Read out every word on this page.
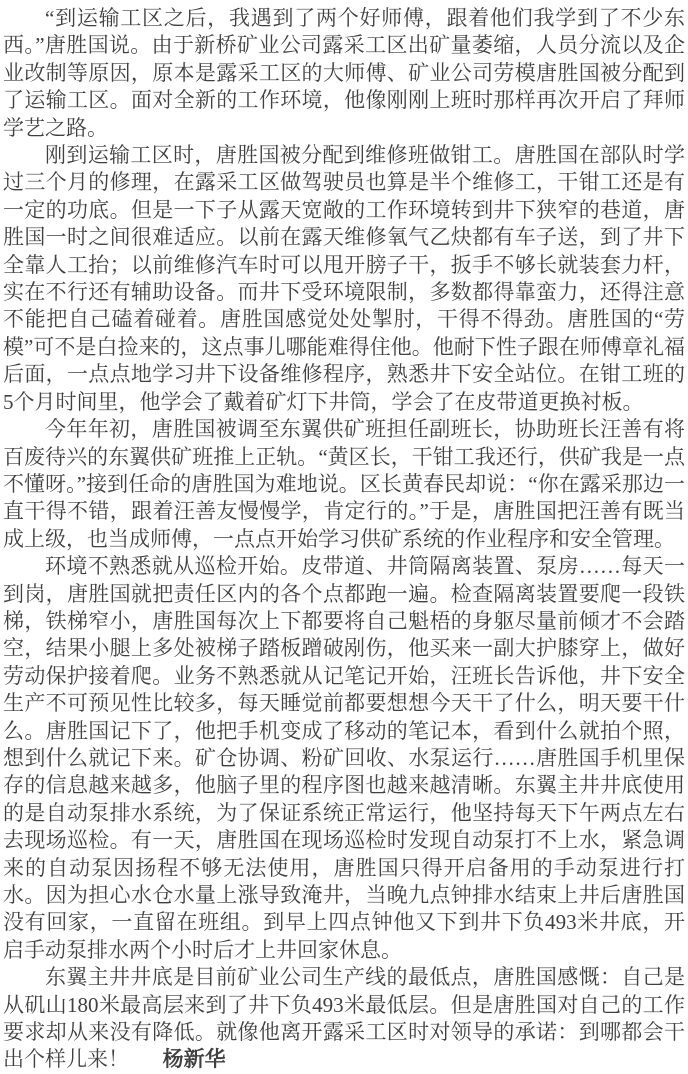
“到运输工区之后，我遇到了两个好师傅，跟着他们我学到了不少东西。”唐胜国说。由于新桥矿业公司露采工区出矿量萎缩，人员分流以及企业改制等原因，原本是露采工区的大师傅、矿业公司劳模唐胜国被分配到了运输工区。面对全新的工作环境，他像刚刚上班时那样再次开启了拜师学艺之路。

刚到运输工区时，唐胜国被分配到维修班做钳工。唐胜国在部队时学过三个月的修理，在露采工区做驾驶员也算是半个维修工，干钳工还是有一定的功底。但是一下子从露天宽敞的工作环境转到井下狭窄的巷道，唐胜国一时之间很难适应。以前在露天维修氧气乙炔都有车子送，到了井下全靠人工抬；以前维修汽车时可以甩开膀子干，扳手不够长就装套力杆，实在不行还有辅助设备。而井下受环境限制，多数都得靠蛮力，还得注意不能把自己磕着碰着。唐胜国感觉处处掣肘，干得不得劲。唐胜国的“劳模”可不是白捡来的，这点事儿哪能难得住他。他耐下性子跟在师傅章礼福后面，一点点地学习井下设备维修程序，熟悉井下安全站位。在钳工班的5个月时间里，他学会了戴着矿灯下井筒，学会了在皮带道更换衬板。

今年年初，唐胜国被调至东翼供矿班担任副班长，协助班长汪善有将百废待兴的东翼供矿班推上正轨。“黄区长，干钳工我还行，供矿我是一点不懂呀。”接到任命的唐胜国为难地说。区长黄春民却说：“你在露采那边一直干得不错，跟着汪善友慢慢学，肯定行的。”于是，唐胜国把汪善有既当成上级，也当成师傅，一点点开始学习供矿系统的作业程序和安全管理。

环境不熟悉就从巡检开始。皮带道、井筒隔离装置、泵房……每天一到岗，唐胜国就把责任区内的各个点都跑一遍。检查隔离装置要爬一段铁梯，铁梯窄小，唐胜国每次上下都要将自己魁梧的身躯尽量前倾才不会踏空，结果小腿上多处被梯子踏板蹭破剐伤，他买来一副大护膝穿上，做好劳动保护接着爬。业务不熟悉就从记笔记开始，汪班长告诉他，井下安全生产不可预见性比较多，每天睡觉前都要想想今天干了什么，明天要干什么。唐胜国记下了，他把手机变成了移动的笔记本，看到什么就拍个照，想到什么就记下来。矿仓协调、粉矿回收、水泵运行……唐胜国手机里保存的信息越来越多，他脑子里的程序图也越来越清晰。东翼主井井底使用的是自动泵排水系统，为了保证系统正常运行，他坚持每天下午两点左右去现场巡检。有一天，唐胜国在现场巡检时发现自动泵打不上水，紧急调来的自动泵因扬程不够无法使用，唐胜国只得开启备用的手动泵进行打水。因为担心水仓水量上涨导致淹井，当晚九点钟排水结束上井后唐胜国没有回家，一直留在班组。到早上四点钟他又下到井下负493米井底，开启手动泵排水两个小时后才上井回家休息。

东翼主井井底是目前矿业公司生产线的最低点，唐胜国感慨：自己是从矶山180米最高层来到了井下负493米最低层。但是唐胜国对自己的工作要求却从来没有降低。就像他离开露采工区时对领导的承诺：到哪都会干出个样儿来！ 杨新华
